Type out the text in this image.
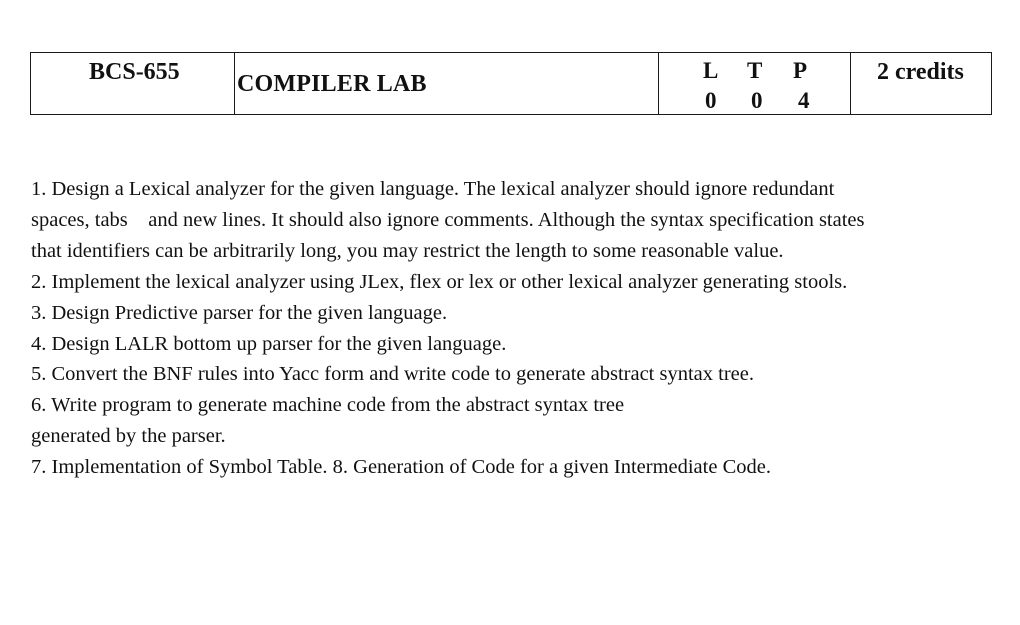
BCS-655 COMPILER LAB
L T P
0 0 4
2 credits
1. Design a Lexical analyzer for the given language. The lexical analyzer should ignore redundant
spaces, tabs    and new lines. It should also ignore comments. Although the syntax specification states
that identifiers can be arbitrarily long, you may restrict the length to some reasonable value.
2. Implement the lexical analyzer using JLex, flex or lex or other lexical analyzer generating stools.
3. Design Predictive parser for the given language.
4. Design LALR bottom up parser for the given language.
5. Convert the BNF rules into Yacc form and write code to generate abstract syntax tree.
6. Write program to generate machine code from the abstract syntax tree
generated by the parser.
7. Implementation of Symbol Table. 8. Generation of Code for a given Intermediate Code.
